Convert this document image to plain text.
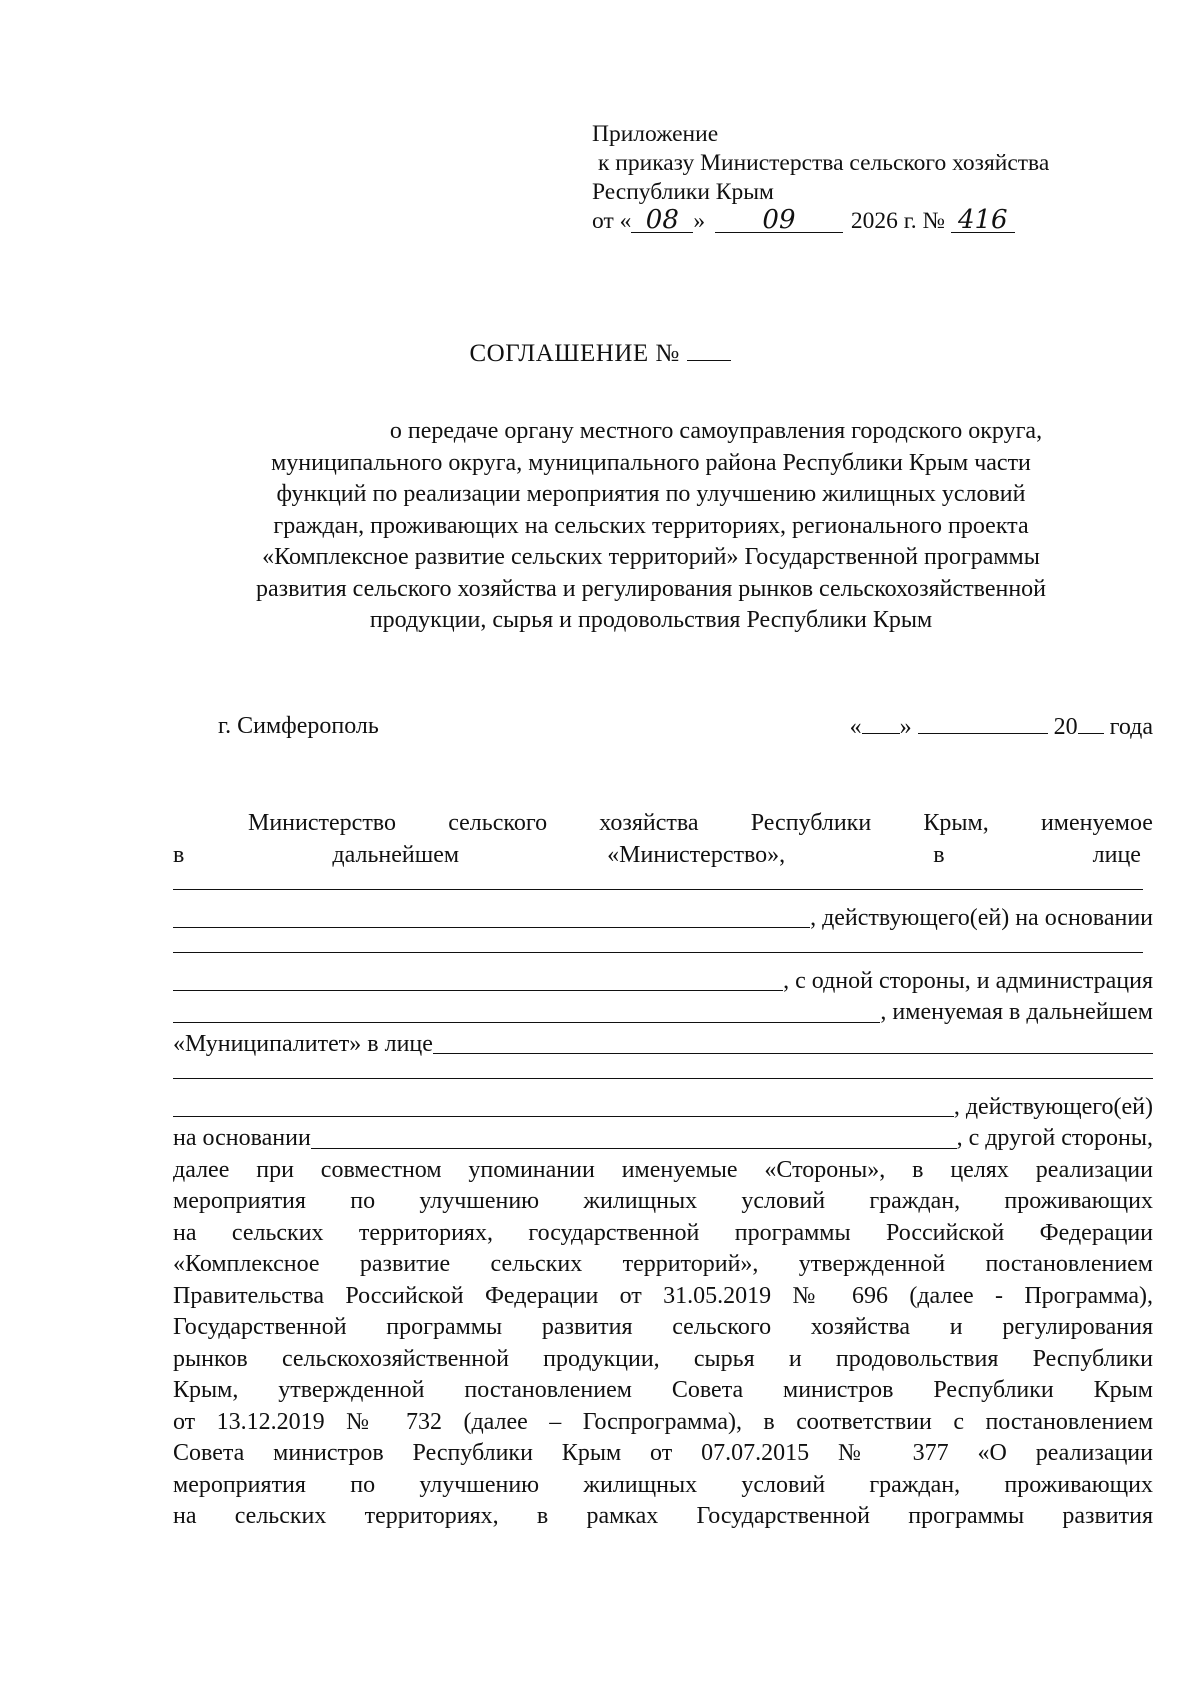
Приложение
к приказу Министерства сельского хозяйства
Республики Крым
от « 08 » 09 2026 г. № 416
СОГЛАШЕНИЕ №
о передаче органу местного самоуправления городского округа,
муниципального округа, муниципального района Республики Крым части
функций по реализации мероприятия по улучшению жилищных условий
граждан, проживающих на сельских территориях, регионального проекта
«Комплексное развитие сельских территорий» Государственной программы
развития сельского хозяйства и регулирования рынков сельскохозяйственной
продукции, сырья и продовольствия Республики Крым
г. Симферополь	« »	20 года
Министерство сельского хозяйства Республики Крым, именуемое
в	дальнейшем	«Министерство»,	в	лице
, действующего(ей) на основании
, с одной стороны, и администрация
, именуемая в дальнейшем
«Муниципалитет» в лице
, действующего(ей)
на основании	, с другой стороны,
далее при совместном упоминании именуемые «Стороны», в целях реализации
мероприятия по улучшению жилищных условий граждан, проживающих
на сельских территориях, государственной программы Российской Федерации
«Комплексное развитие сельских территорий», утвержденной постановлением
Правительства Российской Федерации от 31.05.2019 № 696 (далее - Программа),
Государственной программы развития сельского хозяйства и регулирования
рынков сельскохозяйственной продукции, сырья и продовольствия Республики
Крым, утвержденной постановлением Совета министров Республики Крым
от 13.12.2019 № 732 (далее – Госпрограмма), в соответствии с постановлением
Совета министров Республики Крым от 07.07.2015 № 377 «О реализации
мероприятия по улучшению жилищных условий граждан, проживающих
на сельских территориях, в рамках Государственной программы развития
